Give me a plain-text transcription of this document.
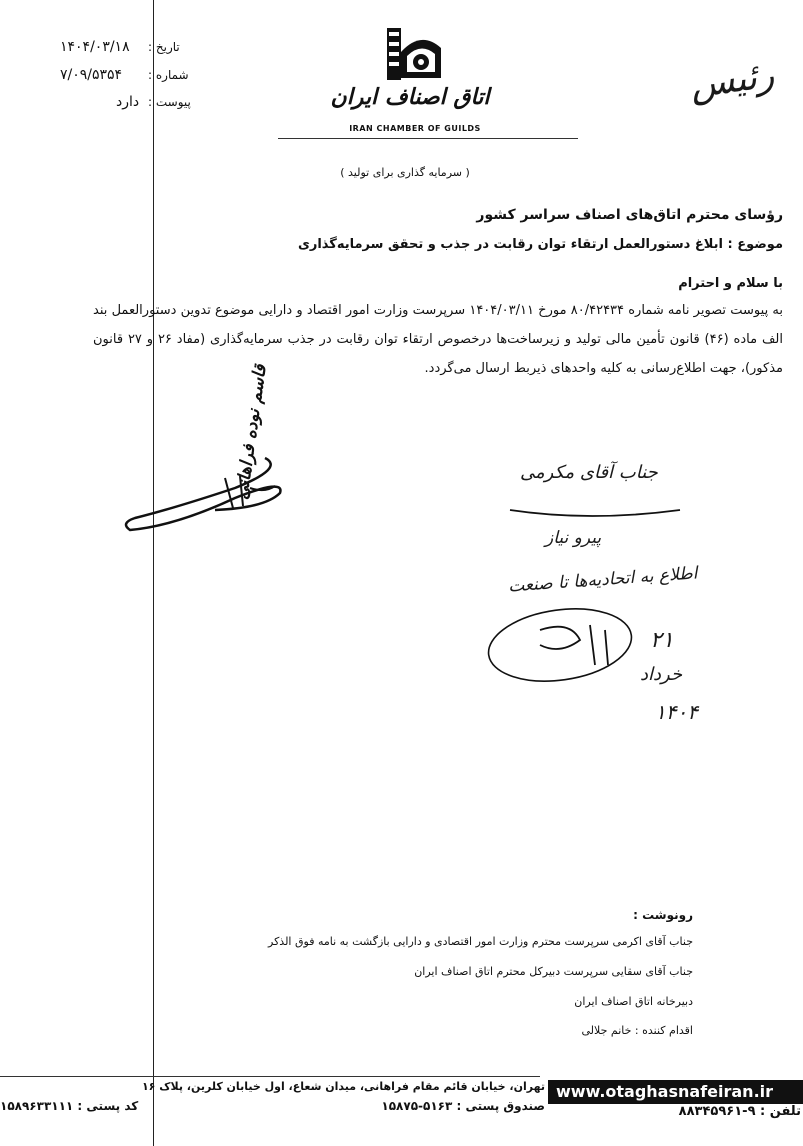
۱۴۰۴/۰۳/۱۸ تاریخ :
۷/۰۹/۵۳۵۴ شماره :
دارد پیوست :	اتاق اصناف ایران
IRAN CHAMBER OF GUILDS
رئیس
( سرمایه گذاری برای تولید )
رؤسای محترم اتاق‌های اصناف سراسر کشور
موضوع : ابلاغ دستورالعمل ارتقاء توان رقابت در جذب و تحقق سرمایه‌گذاری
با سلام و احترام
به پیوست تصویر نامه شماره ۸۰/۴۲۴۳۴ مورخ ۱۴۰۴/۰۳/۱۱ سرپرست وزارت امور اقتصاد و دارایی موضوع تدوین دستورالعمل بند الف ماده (۴۶) قانون تأمین مالی تولید و زیرساخت‌ها درخصوص ارتقاء توان رقابت در جذب سرمایه‌گذاری (مفاد ۲۶ و ۲۷ قانون مذکور)، جهت اطلاع‌رسانی به کلیه واحدهای ذیربط ارسال می‌گردد.
قاسم نوده فراهانی	جناب آقای مکرمی
پیرو نیاز
اطلاع به اتحادیه‌ها تا صنعت
۲۱
خرداد
۱۴۰۴
رونوشت :
جناب آقای اکرمی سرپرست محترم وزارت امور اقتصادی و دارایی بازگشت به نامه فوق الذکر
جناب آقای سقایی سرپرست دبیرکل محترم اتاق اصناف ایران
دبیرخانه اتاق اصناف ایران
اقدام کننده : خانم جلالی
تهران، خیابان قائم مقام فراهانی، میدان شعاع، اول خیابان کلرین، پلاک ۱۶
صندوق پستی : ۵۱۶۳-۱۵۸۷۵
کد پستی : ۱۵۸۹۶۳۳۱۱۱
www.otaghasnafeiran.ir
تلفن : ۹-۸۸۳۴۵۹۶۱
